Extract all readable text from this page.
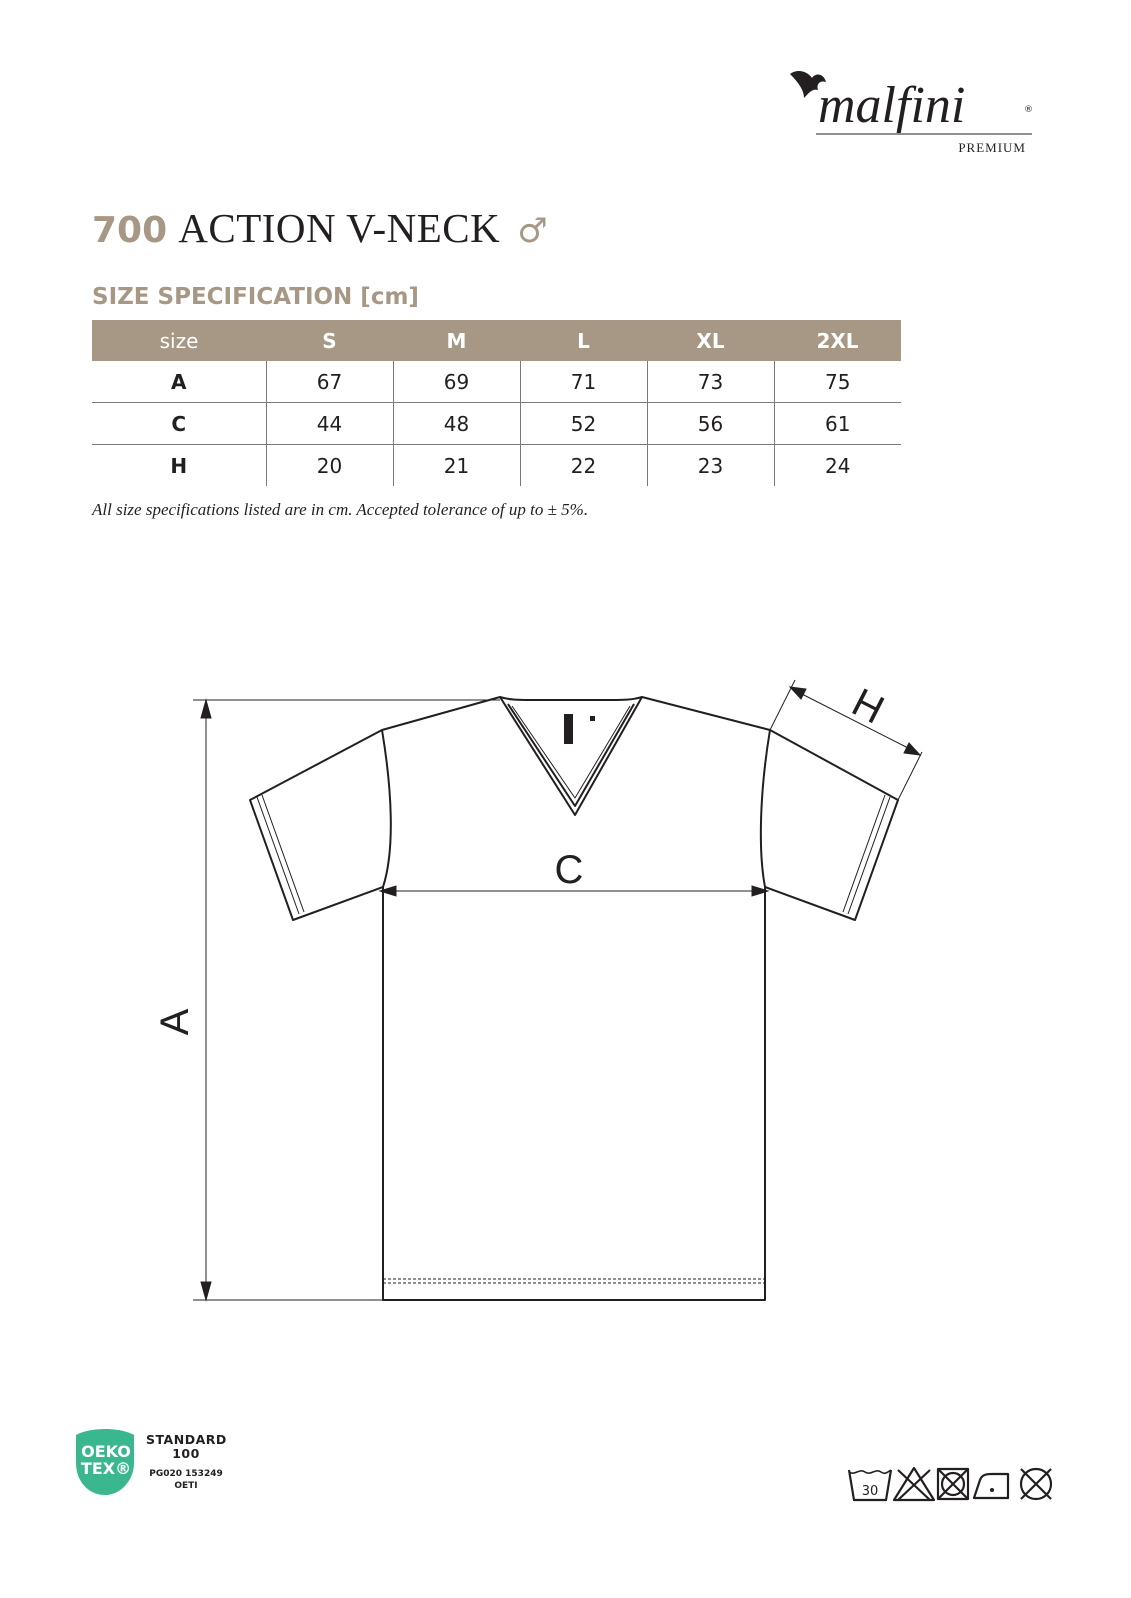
malfini	®
PREMIUM
700 ACTION V-NECK ♂
SIZE SPECIFICATION [cm]
size	S	M	L	XL	2XL
A	67	69	71	73	75
C	44	48	52	56	61
H	20	21	22	23	24
All size specifications listed are in cm. Accepted tolerance of up to ± 5%.
A
C
H
OEKO
TEX®
STANDARD
100
PG020 153249
OETI	30
